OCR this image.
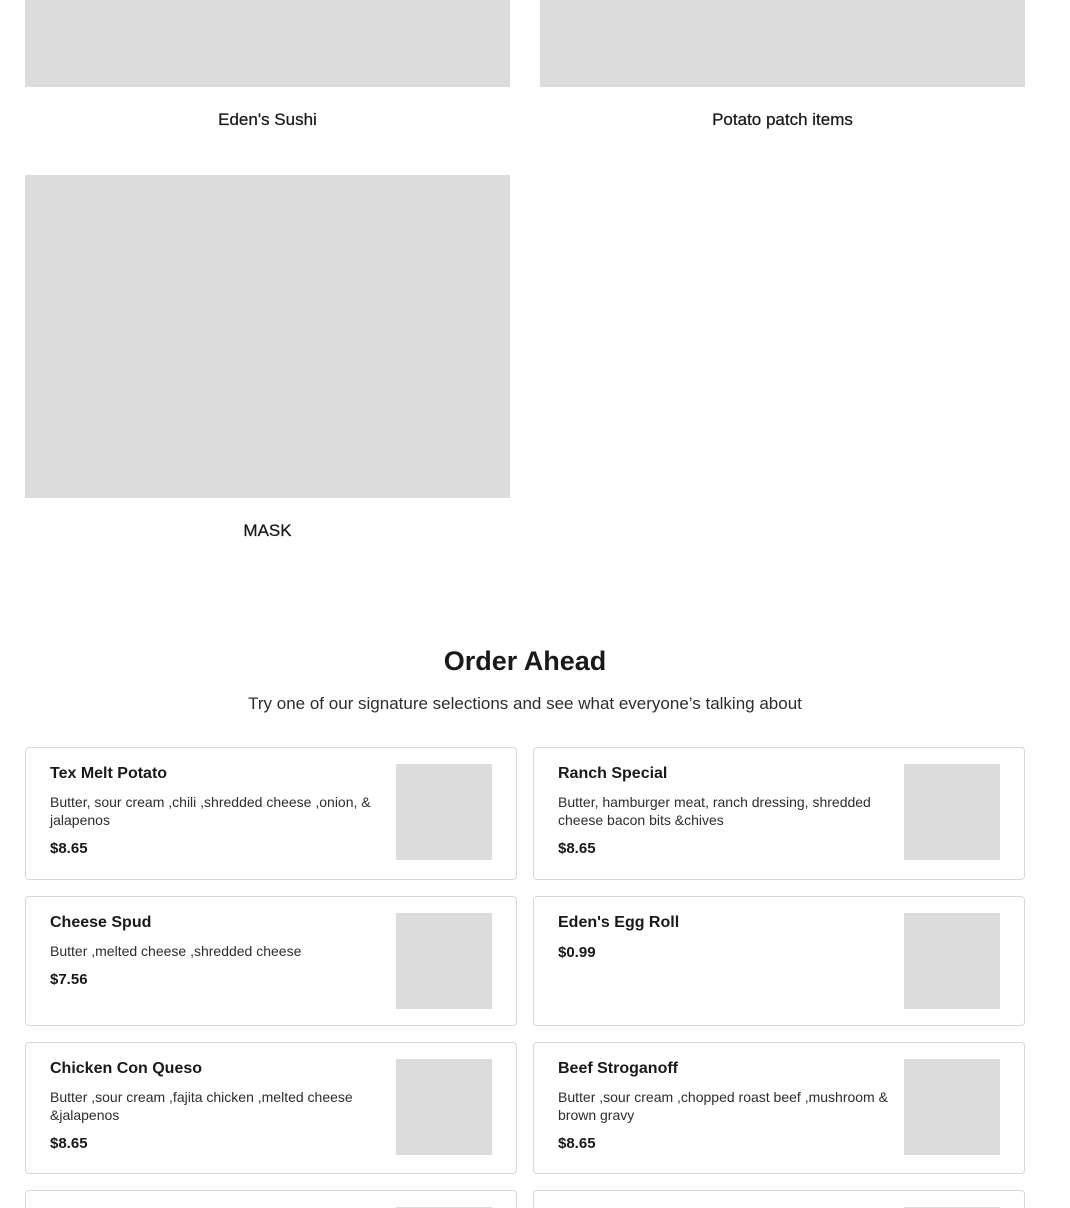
Eden's Sushi	Potato patch items
MASK
Order Ahead

Try one of our signature selections and see what everyone’s talking about

Tex Melt Potato
Butter, sour cream ,chili ,shredded cheese ,onion, & jalapenos
$8.65
Ranch Special
Butter, hamburger meat, ranch dressing, shredded cheese bacon bits &chives
$8.65
Cheese Spud
Butter ,melted cheese ,shredded cheese
$7.56
Eden's Egg Roll
$0.99
Chicken Con Queso
Butter ,sour cream ,fajita chicken ,melted cheese &jalapenos
$8.65
Beef Stroganoff
Butter ,sour cream ,chopped roast beef ,mushroom & brown gravy
$8.65
